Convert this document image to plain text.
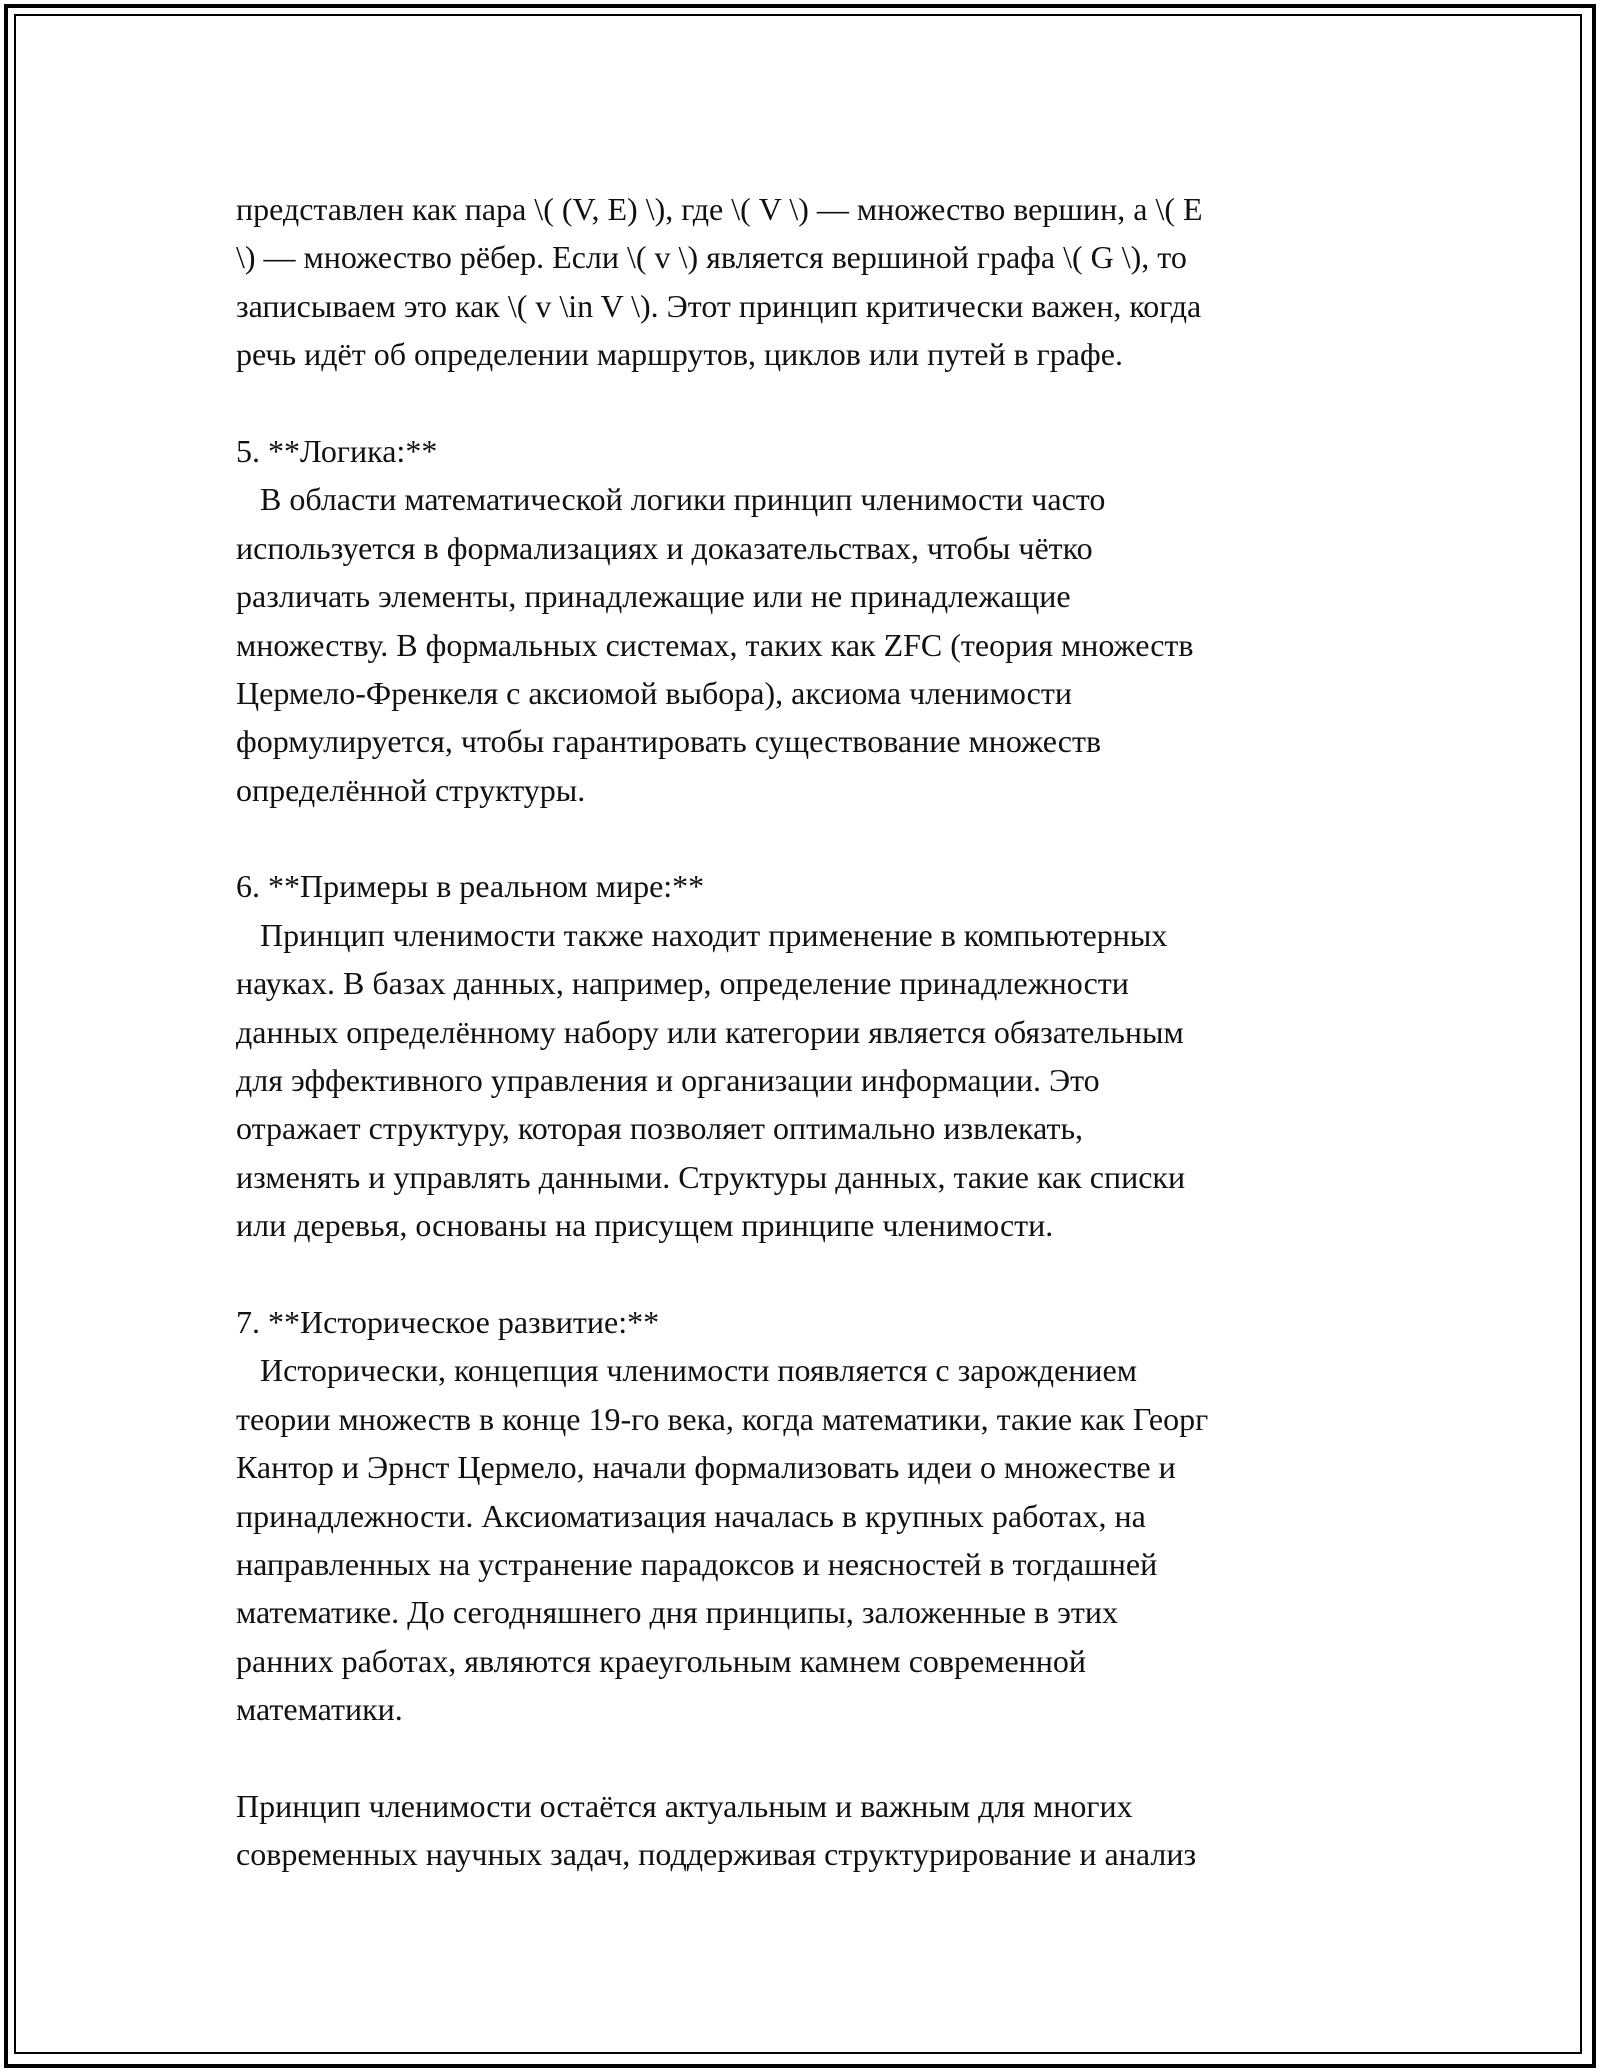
представлен как пара \( (V, E) \), где \( V \) — множество вершин, а \( E
\) — множество рёбер. Если \( v \) является вершиной графа \( G \), то
записываем это как \( v \in V \). Этот принцип критически важен, когда
речь идёт об определении маршрутов, циклов или путей в графе.
5. **Логика:**
В области математической логики принцип членимости часто
используется в формализациях и доказательствах, чтобы чётко
различать элементы, принадлежащие или не принадлежащие
множеству. В формальных системах, таких как ZFC (теория множеств
Цермело-Френкеля с аксиомой выбора), аксиома членимости
формулируется, чтобы гарантировать существование множеств
определённой структуры.
6. **Примеры в реальном мире:**
Принцип членимости также находит применение в компьютерных
науках. В базах данных, например, определение принадлежности
данных определённому набору или категории является обязательным
для эффективного управления и организации информации. Это
отражает структуру, которая позволяет оптимально извлекать,
изменять и управлять данными. Структуры данных, такие как списки
или деревья, основаны на присущем принципе членимости.
7. **Историческое развитие:**
Исторически, концепция членимости появляется с зарождением
теории множеств в конце 19-го века, когда математики, такие как Георг
Кантор и Эрнст Цермело, начали формализовать идеи о множестве и
принадлежности. Аксиоматизация началась в крупных работах, на
направленных на устранение парадоксов и неясностей в тогдашней
математике. До сегодняшнего дня принципы, заложенные в этих
ранних работах, являются краеугольным камнем современной
математики.
Принцип членимости остаётся актуальным и важным для многих
современных научных задач, поддерживая структурирование и анализ
